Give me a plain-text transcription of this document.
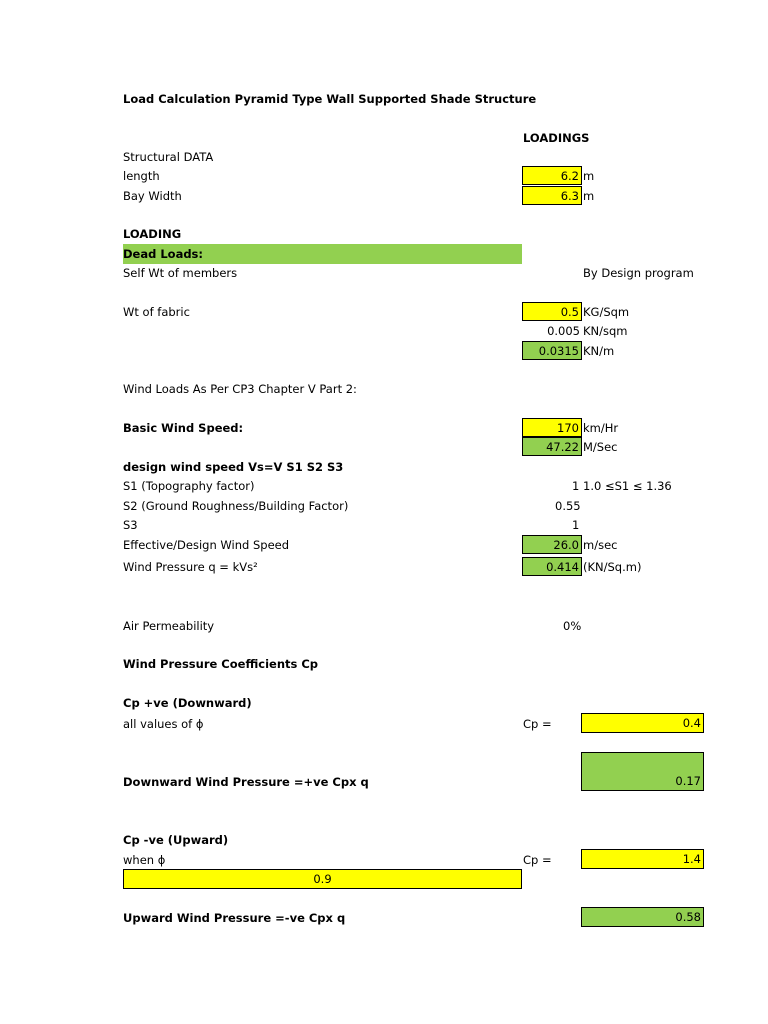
Load Calculation Pyramid Type Wall Supported Shade Structure
LOADINGS
Structural DATA
length	6.2 m
Bay Width	6.3 m
LOADING
Dead Loads:
Self Wt of members	By Design program
Wt of fabric	0.5 KG/Sqm
0.005 KN/sqm
0.0315 KN/m
Wind Loads As Per CP3 Chapter V Part 2:
Basic Wind Speed:	170 km/Hr
47.22 M/Sec
design wind speed Vs=V S1 S2 S3
S1 (Topography factor)	1 1.0 ≤S1 ≤ 1.36
S2 (Ground Roughness/Building Factor)	0.55
S3	1
Effective/Design Wind Speed	26.0 m/sec
Wind Pressure q = kVs²	0.414 (KN/Sq.m)
Air Permeability	0%
Wind Pressure Coefficients Cp
Cp +ve (Downward)
all values of ϕ	Cp =	0.4
Downward Wind Pressure =+ve Cpx q	0.17
Cp -ve (Upward)
when ϕ	Cp =	1.4
0.9
Upward Wind Pressure =-ve Cpx q	0.58
